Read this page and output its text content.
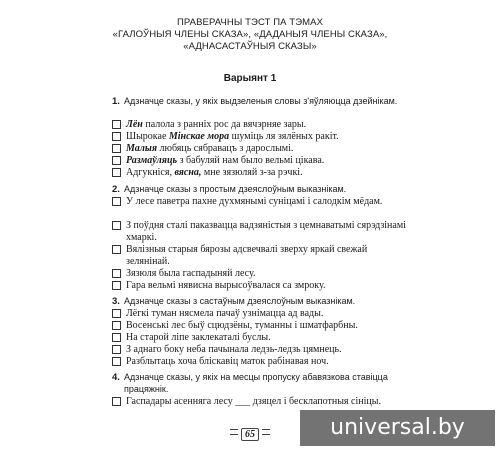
ПРАВЕРАЧНЫ ТЭСТ ПА ТЭМАХ
«ГАЛОЎНЫЯ ЧЛЕНЫ СКАЗА», «ДАДАНЫЯ ЧЛЕНЫ СКАЗА»,
«АДНАСАСТАЎНЫЯ СКАЗЫ»
Варыянт 1
1. Адзначце сказы, у якіх выдзеленыя словы з'яўляюцца дзейнікам.
Лён палола з ранніх рос да вячэрняе зары.
Шырокае Мінскае мора шуміць ля зялёных ракіт.
Малыя любяць сябравацъ з дарослымі.
Размаўляць з бабуляй нам было вельмі цікава.
Адгукніся, вясна, мне зязюляй з-за рэчкі.
2. Адзначце сказы з простым дзеяслоўным выказнікам.
У лесе паветра пахне духмянымі суніцамі і салодкім мёдам.
З поўдня сталі паказвацца вадзяністыя з цемнаватымі сярэдзінамі хмаркі.
Вялізныя старыя бярозы адсвечвалі зверху яркай свежай зелянінай.
Зязюля была гаспадыняй лесу.
Гара вельмі нявисна вырысоўвалася са змроку.
3. Адзначце сказы з састаўным дзеяслоўным выказнікам.
Лёгкі туман нясмела пачаў узнімацца ад вады.
Восенські лес быў сцюдзёны, туманны і шматфарбны.
На старой ліпе заклекаталі буслы.
З аднаго боку неба пачынала ледзь-ледзь цямнець.
Разблытаць хоча бліскавіц маток рабінавая ноч.
4. Адзначце сказы, у якіх на месцы пропуску абавязкова ставіцца працяжнік.
Гаспадары асенняга лесу ___ дзяцел і бесклапотныя сініцы.
65	universal.by
